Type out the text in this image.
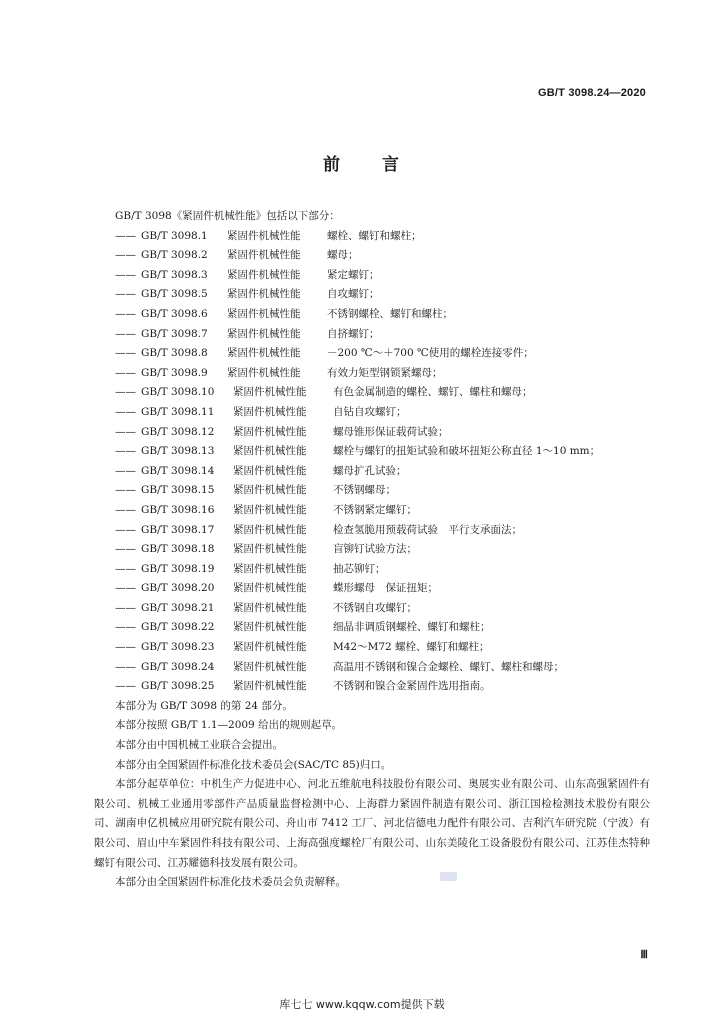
GB/T 3098.24—2020
前 言
GB/T 3098《紧固件机械性能》包括以下部分：
—— GB/T 3098.1	紧固件机械性能	螺栓、螺钉和螺柱；
—— GB/T 3098.2	紧固件机械性能	螺母；
—— GB/T 3098.3	紧固件机械性能	紧定螺钉；
—— GB/T 3098.5	紧固件机械性能	自攻螺钉；
—— GB/T 3098.6	紧固件机械性能	不锈钢螺栓、螺钉和螺柱；
—— GB/T 3098.7	紧固件机械性能	自挤螺钉；
—— GB/T 3098.8	紧固件机械性能	－200 ℃～＋700 ℃使用的螺栓连接零件；
—— GB/T 3098.9	紧固件机械性能	有效力矩型钢锁紧螺母；
—— GB/T 3098.10	紧固件机械性能	有色金属制造的螺栓、螺钉、螺柱和螺母；
—— GB/T 3098.11	紧固件机械性能	自钻自攻螺钉；
—— GB/T 3098.12	紧固件机械性能	螺母锥形保证载荷试验；
—— GB/T 3098.13	紧固件机械性能	螺栓与螺钉的扭矩试验和破坏扭矩公称直径 1～10 mm；
—— GB/T 3098.14	紧固件机械性能	螺母扩孔试验；
—— GB/T 3098.15	紧固件机械性能	不锈钢螺母；
—— GB/T 3098.16	紧固件机械性能	不锈钢紧定螺钉；
—— GB/T 3098.17	紧固件机械性能	检查氢脆用预载荷试验　平行支承面法；
—— GB/T 3098.18	紧固件机械性能	盲铆钉试验方法；
—— GB/T 3098.19	紧固件机械性能	抽芯铆钉；
—— GB/T 3098.20	紧固件机械性能	蝶形螺母　保证扭矩；
—— GB/T 3098.21	紧固件机械性能	不锈钢自攻螺钉；
—— GB/T 3098.22	紧固件机械性能	细晶非调质钢螺栓、螺钉和螺柱；
—— GB/T 3098.23	紧固件机械性能	M42～M72 螺栓、螺钉和螺柱；
—— GB/T 3098.24	紧固件机械性能	高温用不锈钢和镍合金螺栓、螺钉、螺柱和螺母；
—— GB/T 3098.25	紧固件机械性能	不锈钢和镍合金紧固件选用指南。
本部分为 GB/T 3098 的第 24 部分。
本部分按照 GB/T 1.1—2009 给出的规则起草。
本部分由中国机械工业联合会提出。
本部分由全国紧固件标准化技术委员会(SAC/TC 85)归口。
本部分起草单位：中机生产力促进中心、河北五维航电科技股份有限公司、奥展实业有限公司、山东高强紧固件有限公司、机械工业通用零部件产品质量监督检测中心、上海群力紧固件制造有限公司、浙江国检检测技术股份有限公司、湖南申亿机械应用研究院有限公司、舟山市 7412 工厂、河北信德电力配件有限公司、吉利汽车研究院（宁波）有限公司、眉山中车紧固件科技有限公司、上海高强度螺栓厂有限公司、山东美陵化工设备股份有限公司、江苏佳杰特种螺钉有限公司、江苏耀德科技发展有限公司。
本部分由全国紧固件标准化技术委员会负责解释。
Ⅲ
库七七 www.kqqw.com提供下载
